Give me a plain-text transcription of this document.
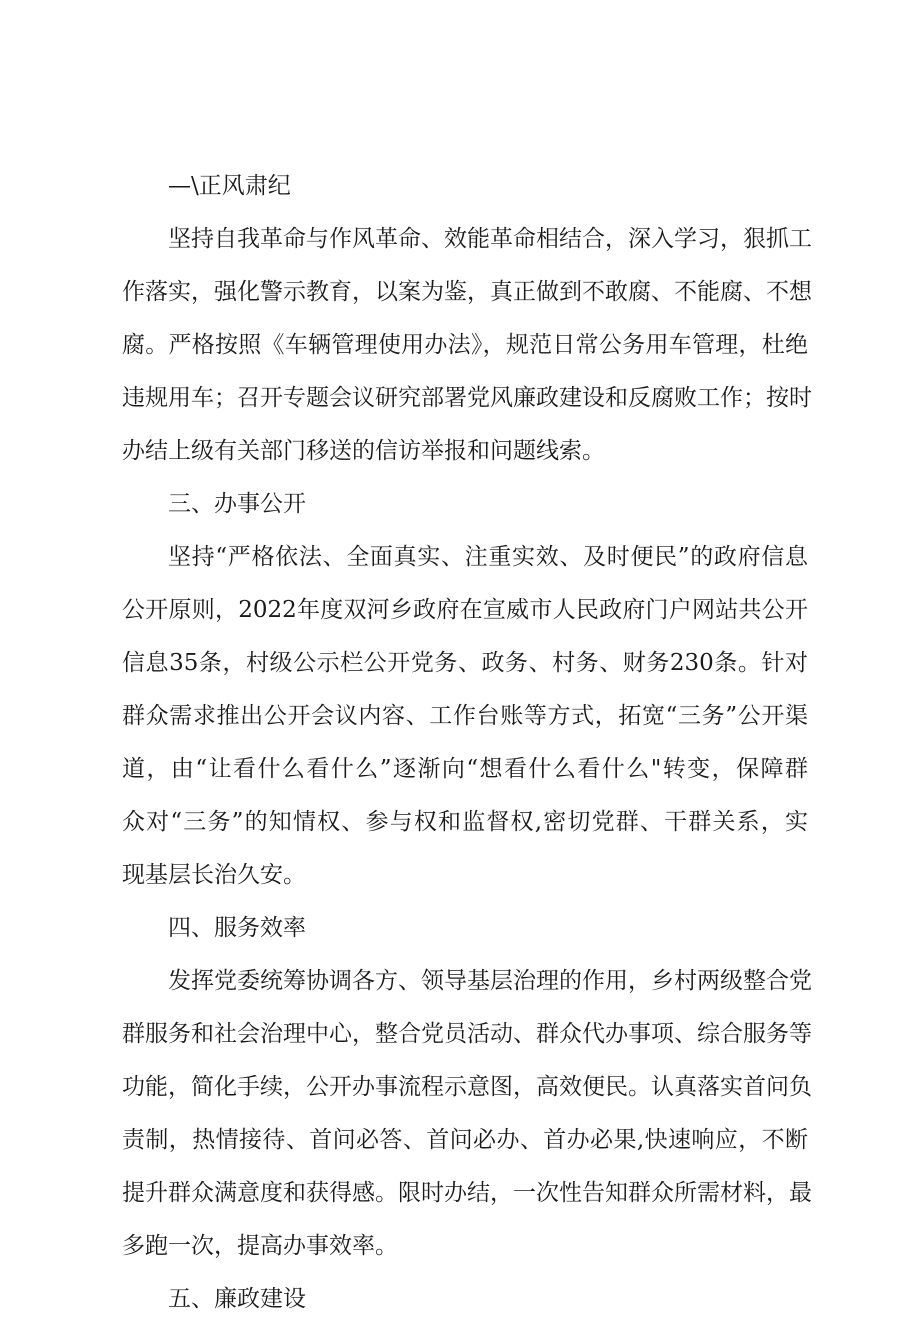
—\正风肃纪

坚持自我革命与作风革命、效能革命相结合，深入学习，狠抓工
作落实，强化警示教育，以案为鉴，真正做到不敢腐、不能腐、不想
腐。严格按照《车辆管理使用办法》，规范日常公务用车管理，杜绝
违规用车；召开专题会议研究部署党风廉政建设和反腐败工作；按时
办结上级有关部门移送的信访举报和问题线索。

三、办事公开

坚持“严格依法、全面真实、注重实效、及时便民”的政府信息
公开原则，2022年度双河乡政府在宣威市人民政府门户网站共公开
信息35条，村级公示栏公开党务、政务、村务、财务230条。针对
群众需求推出公开会议内容、工作台账等方式，拓宽“三务”公开渠
道，由“让看什么看什么”逐渐向“想看什么看什么"转变，保障群
众对“三务”的知情权、参与权和监督权,密切党群、干群关系，实
现基层长治久安。

四、服务效率

发挥党委统筹协调各方、领导基层治理的作用，乡村两级整合党
群服务和社会治理中心，整合党员活动、群众代办事项、综合服务等
功能，简化手续，公开办事流程示意图，高效便民。认真落实首问负
责制，热情接待、首问必答、首问必办、首办必果,快速响应，不断
提升群众满意度和获得感。限时办结，一次性告知群众所需材料，最
多跑一次，提高办事效率。

五、廉政建设
